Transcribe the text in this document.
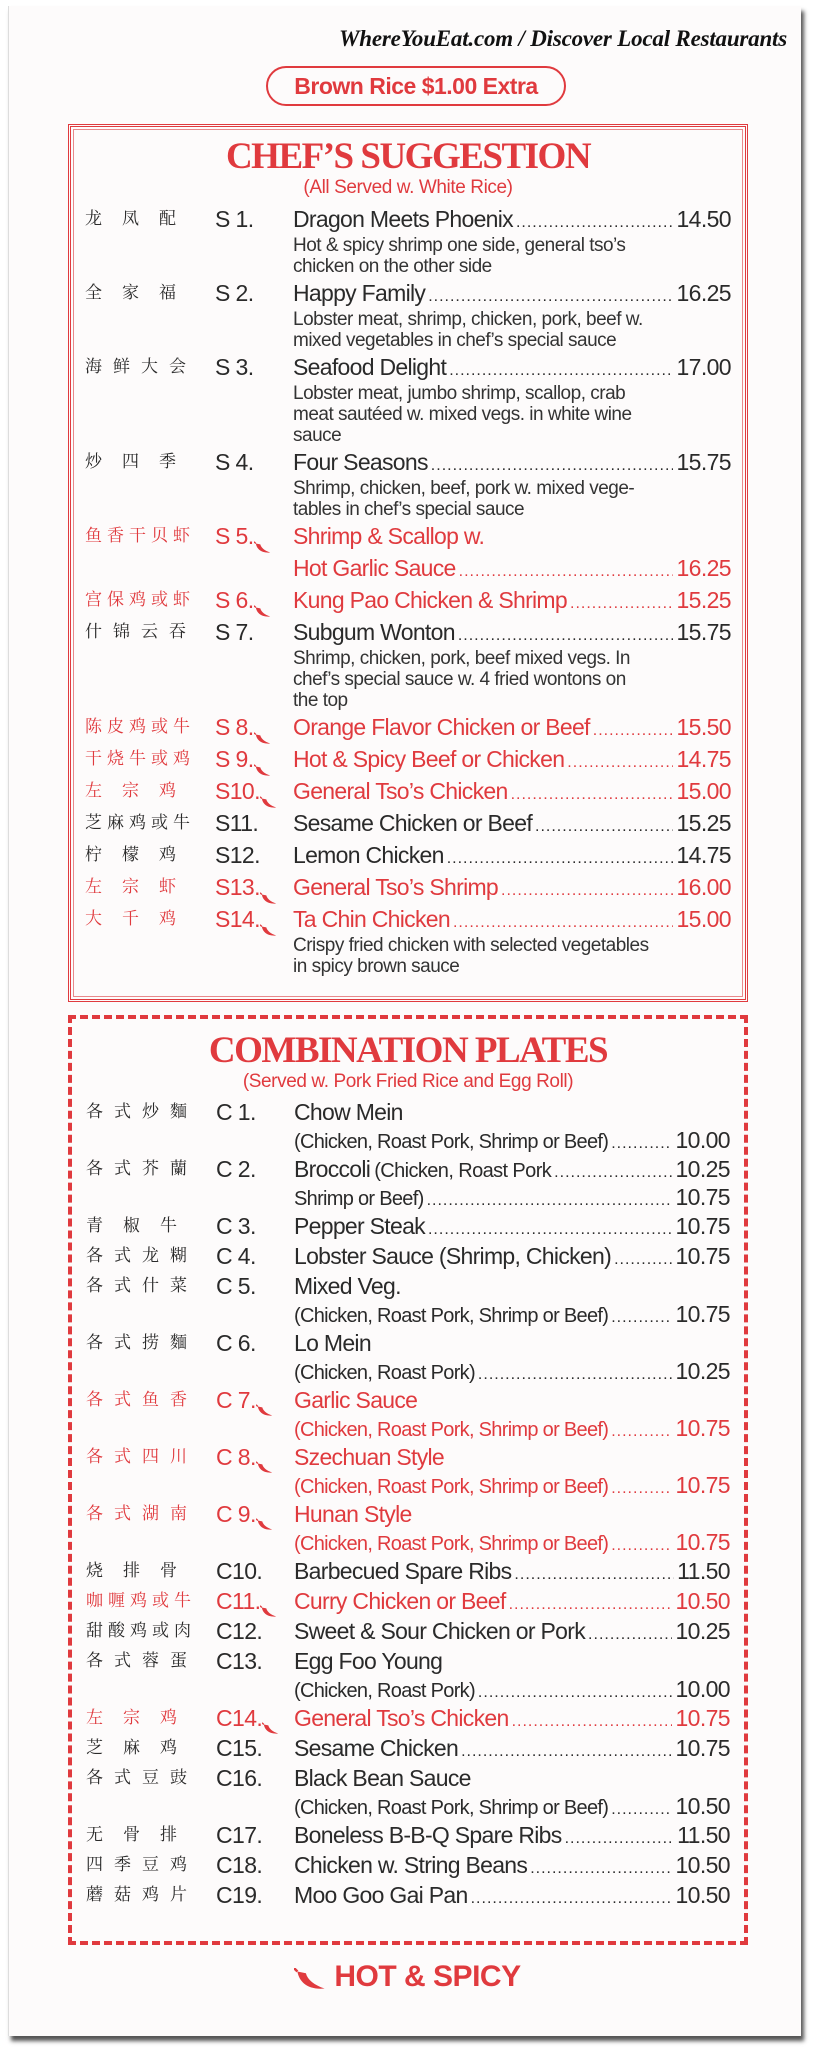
WhereYouEat.com / Discover Local Restaurants
Brown Rice $1.00 Extra
CHEF’S SUGGESTION
(All Served w. White Rice)
龙凤配 S 1. Dragon Meets Phoenix .....	14.50
Hot & spicy shrimp one side, general tso’s
chicken on the other side
全家福 S 2. Happy Family .....	16.25
Lobster meat, shrimp, chicken, pork, beef w.
mixed vegetables in chef’s special sauce
海鲜大会 S 3. Seafood Delight .....	17.00
Lobster meat, jumbo shrimp, scallop, crab
meat sautéed w. mixed vegs. in white wine
sauce
炒四季 S 4. Four Seasons .....	15.75
Shrimp, chicken, beef, pork w. mixed vege-
tables in chef’s special sauce
鱼香干贝虾 S 5.	Shrimp & Scallop w.
Hot Garlic Sauce .....	16.25
宫保鸡或虾 S 6.	Kung Pao Chicken & Shrimp .....	15.25
什锦云吞 S 7. Subgum Wonton .....	15.75
Shrimp, chicken, pork, beef mixed vegs. In
chef’s special sauce w. 4 fried wontons on
the top
陈皮鸡或牛 S 8.	Orange Flavor Chicken or Beef .....	15.50
干烧牛或鸡 S 9.	Hot & Spicy Beef or Chicken .....	14.75
左宗鸡 S10.	General Tso’s Chicken .....	15.00
芝麻鸡或牛 S11. Sesame Chicken or Beef .....	15.25
柠檬鸡 S12. Lemon Chicken .....	14.75
左宗虾 S13.	General Tso’s Shrimp .....	16.00
大千鸡 S14.	Ta Chin Chicken .....	15.00
Crispy fried chicken with selected vegetables
in spicy brown sauce
COMBINATION PLATES
(Served w. Pork Fried Rice and Egg Roll)
各式炒麵 C 1. Chow Mein
(Chicken, Roast Pork, Shrimp or Beef) .....	10.00
各式芥蘭 C 2. Broccoli (Chicken, Roast Pork .....	10.25
Shrimp or Beef) .....	10.75
青椒牛 C 3. Pepper Steak .....	10.75
各式龙糊 C 4. Lobster Sauce (Shrimp, Chicken) .....	10.75
各式什菜 C 5. Mixed Veg.
(Chicken, Roast Pork, Shrimp or Beef) .....	10.75
各式捞麵 C 6. Lo Mein
(Chicken, Roast Pork) .....	10.25
各式鱼香 C 7.	Garlic Sauce
(Chicken, Roast Pork, Shrimp or Beef) .....	10.75
各式四川 C 8.	Szechuan Style
(Chicken, Roast Pork, Shrimp or Beef) .....	10.75
各式湖南 C 9.	Hunan Style
(Chicken, Roast Pork, Shrimp or Beef) .....	10.75
烧排骨 C10. Barbecued Spare Ribs .....	11.50
咖喱鸡或牛 C11.	Curry Chicken or Beef .....	10.50
甜酸鸡或肉 C12. Sweet & Sour Chicken or Pork .....	10.25
各式蓉蛋 C13. Egg Foo Young
(Chicken, Roast Pork) .....	10.00
左宗鸡 C14.	General Tso’s Chicken .....	10.75
芝麻鸡 C15. Sesame Chicken .....	10.75
各式豆豉 C16. Black Bean Sauce
(Chicken, Roast Pork, Shrimp or Beef) .....	10.50
无骨排 C17. Boneless B-B-Q Spare Ribs .....	11.50
四季豆鸡 C18. Chicken w. String Beans .....	10.50
蘑菇鸡片 C19. Moo Goo Gai Pan .....	10.50
HOT & SPICY
